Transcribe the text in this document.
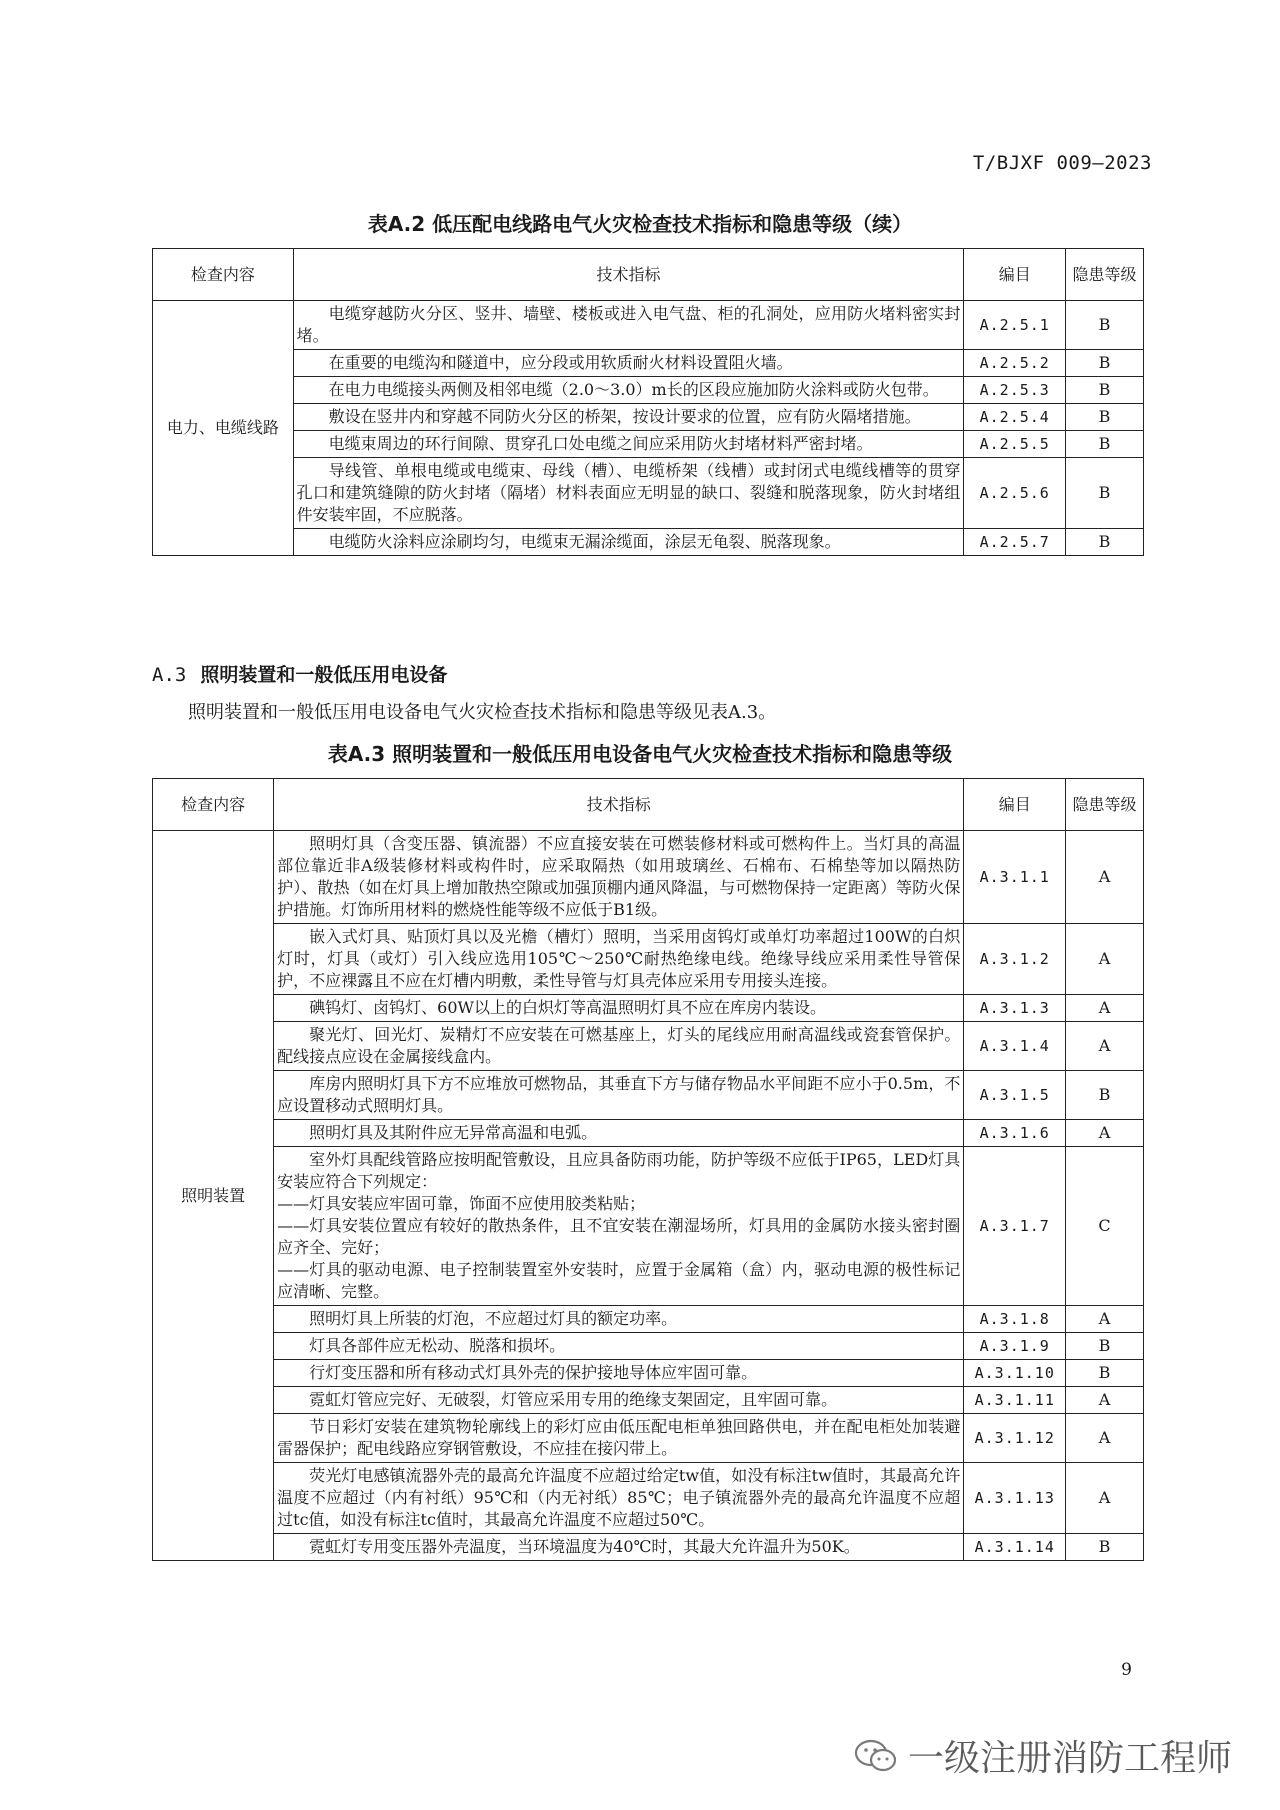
T/BJXF 009—2023
表A.2 低压配电线路电气火灾检查技术指标和隐患等级（续）
检查内容	技术指标	编目	隐患等级
电力、电缆线路	电缆穿越防火分区、竖井、墙壁、楼板或进入电气盘、柜的孔洞处，应用防火堵料密实封堵。	A.2.5.1	B
	在重要的电缆沟和隧道中，应分段或用软质耐火材料设置阻火墙。	A.2.5.2	B
	在电力电缆接头两侧及相邻电缆（2.0～3.0）m长的区段应施加防火涂料或防火包带。	A.2.5.3	B
	敷设在竖井内和穿越不同防火分区的桥架，按设计要求的位置，应有防火隔堵措施。	A.2.5.4	B
	电缆束周边的环行间隙、贯穿孔口处电缆之间应采用防火封堵材料严密封堵。	A.2.5.5	B
	导线管、单根电缆或电缆束、母线（槽）、电缆桥架（线槽）或封闭式电缆线槽等的贯穿孔口和建筑缝隙的防火封堵（隔堵）材料表面应无明显的缺口、裂缝和脱落现象，防火封堵组件安装牢固，不应脱落。	A.2.5.6	B
	电缆防火涂料应涂刷均匀，电缆束无漏涂缆面，涂层无龟裂、脱落现象。	A.2.5.7	B
A.3 照明装置和一般低压用电设备
照明装置和一般低压用电设备电气火灾检查技术指标和隐患等级见表A.3。
表A.3 照明装置和一般低压用电设备电气火灾检查技术指标和隐患等级
检查内容	技术指标	编目	隐患等级
照明装置	照明灯具（含变压器、镇流器）不应直接安装在可燃装修材料或可燃构件上。当灯具的高温部位靠近非A级装修材料或构件时，应采取隔热（如用玻璃丝、石棉布、石棉垫等加以隔热防护）、散热（如在灯具上增加散热空隙或加强顶棚内通风降温，与可燃物保持一定距离）等防火保护措施。灯饰所用材料的燃烧性能等级不应低于B1级。	A.3.1.1	A
	嵌入式灯具、贴顶灯具以及光檐（槽灯）照明，当采用卤钨灯或单灯功率超过100W的白炽灯时，灯具（或灯）引入线应选用105℃～250℃耐热绝缘电线。绝缘导线应采用柔性导管保护，不应裸露且不应在灯槽内明敷，柔性导管与灯具壳体应采用专用接头连接。	A.3.1.2	A
	碘钨灯、卤钨灯、60W以上的白炽灯等高温照明灯具不应在库房内装设。	A.3.1.3	A
	聚光灯、回光灯、炭精灯不应安装在可燃基座上，灯头的尾线应用耐高温线或瓷套管保护。配线接点应设在金属接线盒内。	A.3.1.4	A
	库房内照明灯具下方不应堆放可燃物品，其垂直下方与储存物品水平间距不应小于0.5m，不应设置移动式照明灯具。	A.3.1.5	B
	照明灯具及其附件应无异常高温和电弧。	A.3.1.6	A
	室外灯具配线管路应按明配管敷设，且应具备防雨功能，防护等级不应低于IP65，LED灯具安装应符合下列规定：
——灯具安装应牢固可靠，饰面不应使用胶类粘贴；
——灯具安装位置应有较好的散热条件，且不宜安装在潮湿场所，灯具用的金属防水接头密封圈应齐全、完好；
——灯具的驱动电源、电子控制装置室外安装时，应置于金属箱（盒）内，驱动电源的极性标记应清晰、完整。	A.3.1.7	C
	照明灯具上所装的灯泡，不应超过灯具的额定功率。	A.3.1.8	A
	灯具各部件应无松动、脱落和损坏。	A.3.1.9	B
	行灯变压器和所有移动式灯具外壳的保护接地导体应牢固可靠。	A.3.1.10	B
	霓虹灯管应完好、无破裂，灯管应采用专用的绝缘支架固定，且牢固可靠。	A.3.1.11	A
	节日彩灯安装在建筑物轮廓线上的彩灯应由低压配电柜单独回路供电，并在配电柜处加装避雷器保护；配电线路应穿钢管敷设，不应挂在接闪带上。	A.3.1.12	A
	荧光灯电感镇流器外壳的最高允许温度不应超过给定tw值，如没有标注tw值时，其最高允许温度不应超过（内有衬纸）95℃和（内无衬纸）85℃；电子镇流器外壳的最高允许温度不应超过tc值，如没有标注tc值时，其最高允许温度不应超过50℃。	A.3.1.13	A
	霓虹灯专用变压器外壳温度，当环境温度为40℃时，其最大允许温升为50K。	A.3.1.14	B
9
一级注册消防工程师
